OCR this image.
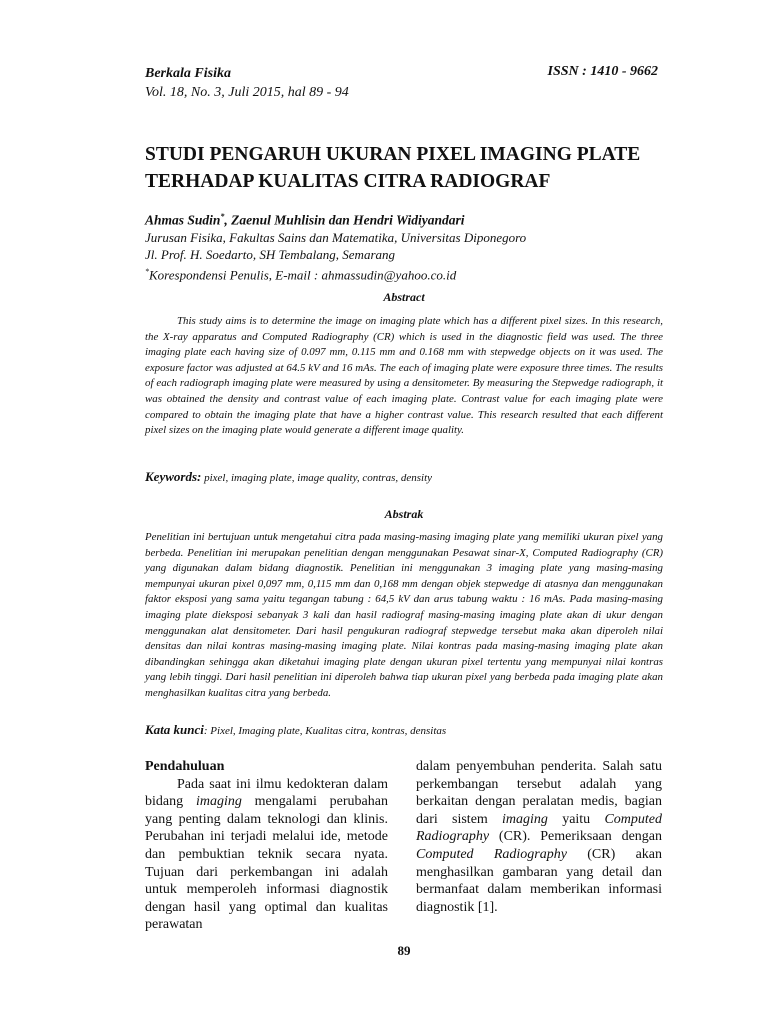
Berkala Fisika
Vol. 18, No. 3, Juli 2015, hal 89 - 94
ISSN : 1410 - 9662
STUDI PENGARUH UKURAN PIXEL IMAGING PLATE
TERHADAP KUALITAS CITRA RADIOGRAF
Ahmas Sudin*, Zaenul Muhlisin dan Hendri Widiyandari
Jurusan Fisika, Fakultas Sains dan Matematika, Universitas Diponegoro
Jl. Prof. H. Soedarto, SH Tembalang, Semarang
*Korespondensi Penulis, E-mail : ahmassudin@yahoo.co.id
Abstract
This study aims is to determine the image on imaging plate which has a different pixel sizes. In this research, the X-ray apparatus and Computed Radiography (CR) which is used in the diagnostic field was used. The three imaging plate each having size of 0.097 mm, 0.115 mm and 0.168 mm with stepwedge objects on it was used. The exposure factor was adjusted at 64.5 kV and 16 mAs. The each of imaging plate were exposure three times. The results of each radiograph imaging plate were measured by using a densitometer. By measuring the Stepwedge radiograph, it was obtained the density and contrast value of each imaging plate. Contrast value for each imaging plate were compared to obtain the imaging plate that have a higher contrast value. This research resulted that each different pixel sizes on the imaging plate would generate a different image quality.
Keywords: pixel, imaging plate, image quality, contras, density
Abstrak
Penelitian ini bertujuan untuk mengetahui citra pada masing-masing imaging plate yang memiliki ukuran pixel yang berbeda. Penelitian ini merupakan penelitian dengan menggunakan Pesawat sinar-X, Computed Radiography (CR) yang digunakan dalam bidang diagnostik. Penelitian ini menggunakan 3 imaging plate yang masing-masing mempunyai ukuran pixel 0,097 mm, 0,115 mm dan 0,168 mm dengan objek stepwedge di atasnya dan menggunakan faktor eksposi yang sama yaitu tegangan tabung : 64,5 kV dan arus tabung waktu : 16 mAs. Pada masing-masing imaging plate dieksposi sebanyak 3 kali dan hasil radiograf masing-masing imaging plate akan di ukur dengan menggunakan alat densitometer. Dari hasil pengukuran radiograf stepwedge tersebut maka akan diperoleh nilai densitas dan nilai kontras masing-masing imaging plate. Nilai kontras pada masing-masing imaging plate akan dibandingkan sehingga akan diketahui imaging plate dengan ukuran pixel tertentu yang mempunyai nilai kontras yang lebih tinggi. Dari hasil penelitian ini diperoleh bahwa tiap ukuran pixel yang berbeda pada imaging plate akan menghasilkan kualitas citra yang berbeda.
Kata kunci: Pixel, Imaging plate, Kualitas citra, kontras, densitas
Pendahuluan
Pada saat ini ilmu kedokteran dalam bidang imaging mengalami perubahan yang penting dalam teknologi dan klinis. Perubahan ini terjadi melalui ide, metode dan pembuktian teknik secara nyata. Tujuan dari perkembangan ini adalah untuk memperoleh informasi diagnostik dengan hasil yang optimal dan kualitas perawatan
dalam penyembuhan penderita. Salah satu perkembangan tersebut adalah yang berkaitan dengan peralatan medis, bagian dari sistem imaging yaitu Computed Radiography (CR). Pemeriksaan dengan Computed Radiography (CR) akan menghasilkan gambaran yang detail dan bermanfaat dalam memberikan informasi diagnostik [1].
89
